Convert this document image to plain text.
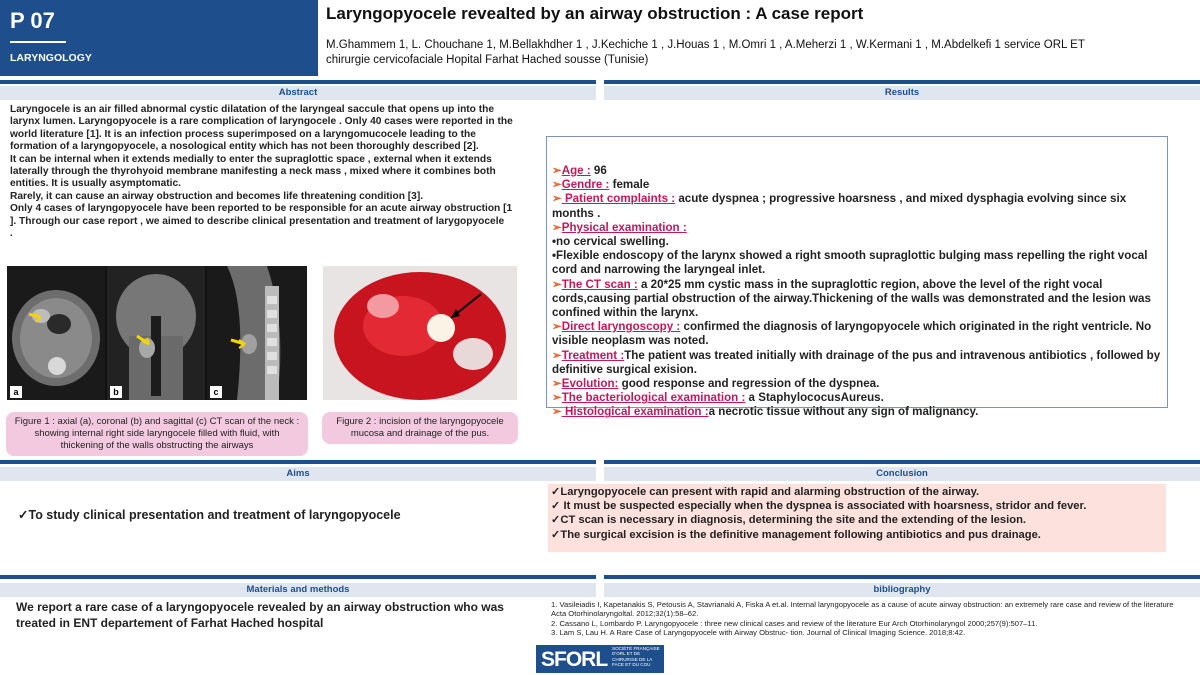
P 07
LARYNGOLOGY
Laryngopyocele revealted by an airway obstruction : A case report
M.Ghammem 1, L. Chouchane 1, M.Bellakhdher 1 , J.Kechiche 1 , J.Houas 1 , M.Omri 1 , A.Meherzi 1 , W.Kermani 1 , M.Abdelkefi 1 service ORL ET
chirurgie cervicofaciale Hopital Farhat Hached sousse (Tunisie)
Abstract	Results
Laryngocele is an air filled abnormal cystic dilatation of the laryngeal saccule that opens up into the larynx lumen. Laryngopyocele is a rare complication of laryngocele . Only 40 cases were reported in the world literature [1]. It is an infection process superimposed on a laryngomucocele leading to the formation of a laryngopyocele, a nosological entity which has not been thoroughly described [2].
It can be internal when it extends medially to enter the supraglottic space , external when it extends laterally through the thyrohyoid membrane manifesting a neck mass , mixed where it combines both entities. It is usually asymptomatic.
Rarely, it can cause an airway obstruction and becomes life threatening condition [3].
Only 4 cases of laryngopyocele have been reported to be responsible for an acute airway obstruction [1 ]. Through our case report , we aimed to describe clinical presentation and treatment of larygopyocele
.
a	b	c
Figure 1 : axial (a), coronal (b) and sagittal (c) CT scan of the neck : showing internal right side laryngocele filled with fluid, with thickening of the walls obstructing the airways
Figure 2 : incision of the laryngopyocele mucosa and drainage of the pus.
➢Age : 96
➢Gendre : female
➢ Patient complaints : acute dyspnea ; progressive hoarsness , and mixed dysphagia evolving since six months .
➢Physical examination :
•no cervical swelling.
•Flexible endoscopy of the larynx showed a right smooth supraglottic bulging mass repelling the right vocal cord and narrowing the laryngeal inlet.
➢The CT scan : a 20*25 mm cystic mass in the supraglottic region, above the level of the right vocal cords,causing partial obstruction of the airway.Thickening of the walls was demonstrated and the lesion was confined within the larynx.
➢Direct laryngoscopy : confirmed the diagnosis of laryngopyocele which originated in the right ventricle. No visible neoplasm was noted.
➢Treatment :The patient was treated initially with drainage of the pus and intravenous antibiotics , followed by definitive surgical exision.
➢Evolution: good response and regression of the dyspnea.
➢The bacteriological examination : a StaphylococusAureus.
➢ Histological examination :a necrotic tissue without any sign of malignancy.
Aims	Conclusion
✓To study clinical presentation and treatment of laryngopyocele
✓Laryngopyocele can present with rapid and alarming obstruction of the airway.
✓ It must be suspected especially when the dyspnea is associated with hoarsness, stridor and fever.
✓CT scan is necessary in diagnosis, determining the site and the extending of the lesion.
✓The surgical excision is the definitive management following antibiotics and pus drainage.
Materials and methods	bibliography
We report a rare case of a laryngopyocele revealed by an airway obstruction who was treated in ENT departement of Farhat Hached hospital
1. Vasileiadis I, Kapetanakis S, Petousis A, Stavrianaki A, Fiska A et.al. Internal laryngopyocele as a cause of acute airway obstruction: an extremely rare case and review of the literature Acta Otorhinolaryngoltal. 2012;32(1):58–62.
2. Cassano L, Lombardo P. Laryngopyocele : three new clinical cases and review of the literature Eur Arch Otorhinolaryngol 2000;257(9):507–11.
3. Lam S, Lau H. A Rare Case of Laryngopyocele with Airway Obstruc- tion. Journal of Clinical Imaging Science. 2018;8:42.
SFORL SOCIÉTÉ FRANÇAISE D'ORL ET DE CHIRURGIE DE LA FACE ET DU COU
